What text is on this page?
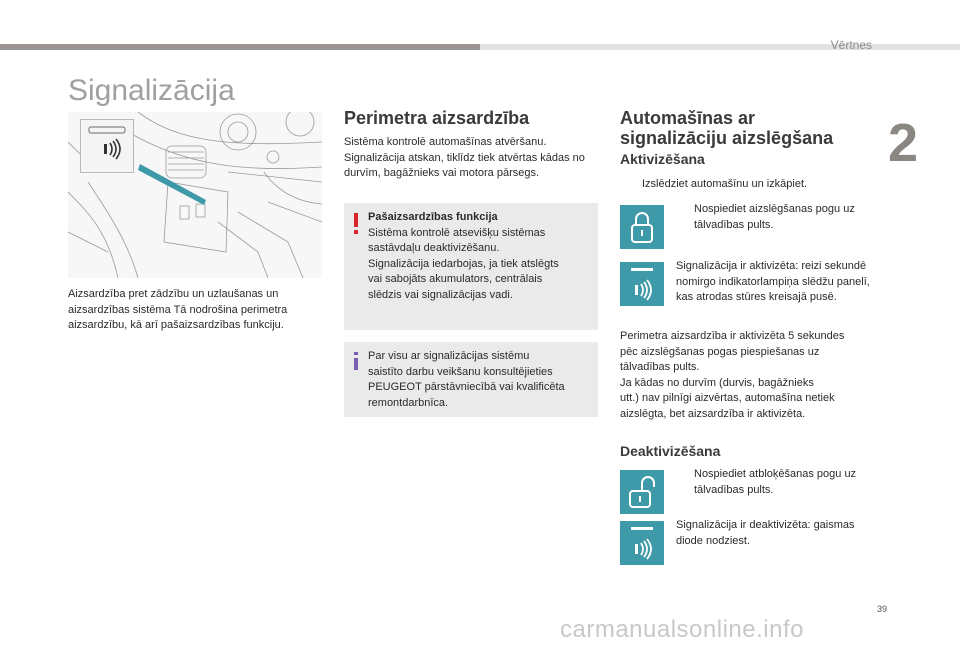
Vērtnes
2
Signalizācija
Aizsardzība pret zādzību un uzlaušanas un aizsardzības sistēma Tā nodrošina perimetra aizsardzību, kā arī pašaizsardzības funkciju.
Perimetra aizsardzība
Sistēma kontrolē automašīnas atvēršanu. Signalizācija atskan, tiklīdz tiek atvērtas kādas no durvīm, bagāžnieks vai motora pārsegs.
Pašaizsardzības funkcija
Sistēma kontrolē atsevišķu sistēmas
sastāvdaļu deaktivizēšanu.
Signalizācija iedarbojas, ja tiek atslēgts
vai sabojāts akumulators, centrālais
slēdzis vai signalizācijas vadi.
Par visu ar signalizācijas sistēmu
saistīto darbu veikšanu konsultējieties
PEUGEOT pārstāvniecībā vai kvalificēta
remontdarbnīca.
Automašīnas ar
signalizāciju aizslēgšana
Aktivizēšana
Izslēdziet automašīnu un izkāpiet.
Nospiediet aizslēgšanas pogu uz tālvadības pults.
Signalizācija ir aktivizēta: reizi sekundē nomirgo indikatorlampiņa slēdžu panelī, kas atrodas stūres kreisajā pusē.
Perimetra aizsardzība ir aktivizēta 5 sekundes
pēc aizslēgšanas pogas piespiešanas uz
tālvadības pults.
Ja kādas no durvīm (durvis, bagāžnieks
utt.) nav pilnīgi aizvērtas, automašīna netiek
aizslēgta, bet aizsardzība ir aktivizēta.
Deaktivizēšana
Nospiediet atbloķēšanas pogu uz tālvadības pults.
Signalizācija ir deaktivizēta: gaismas diode nodziest.
39
carmanualsonline.info
